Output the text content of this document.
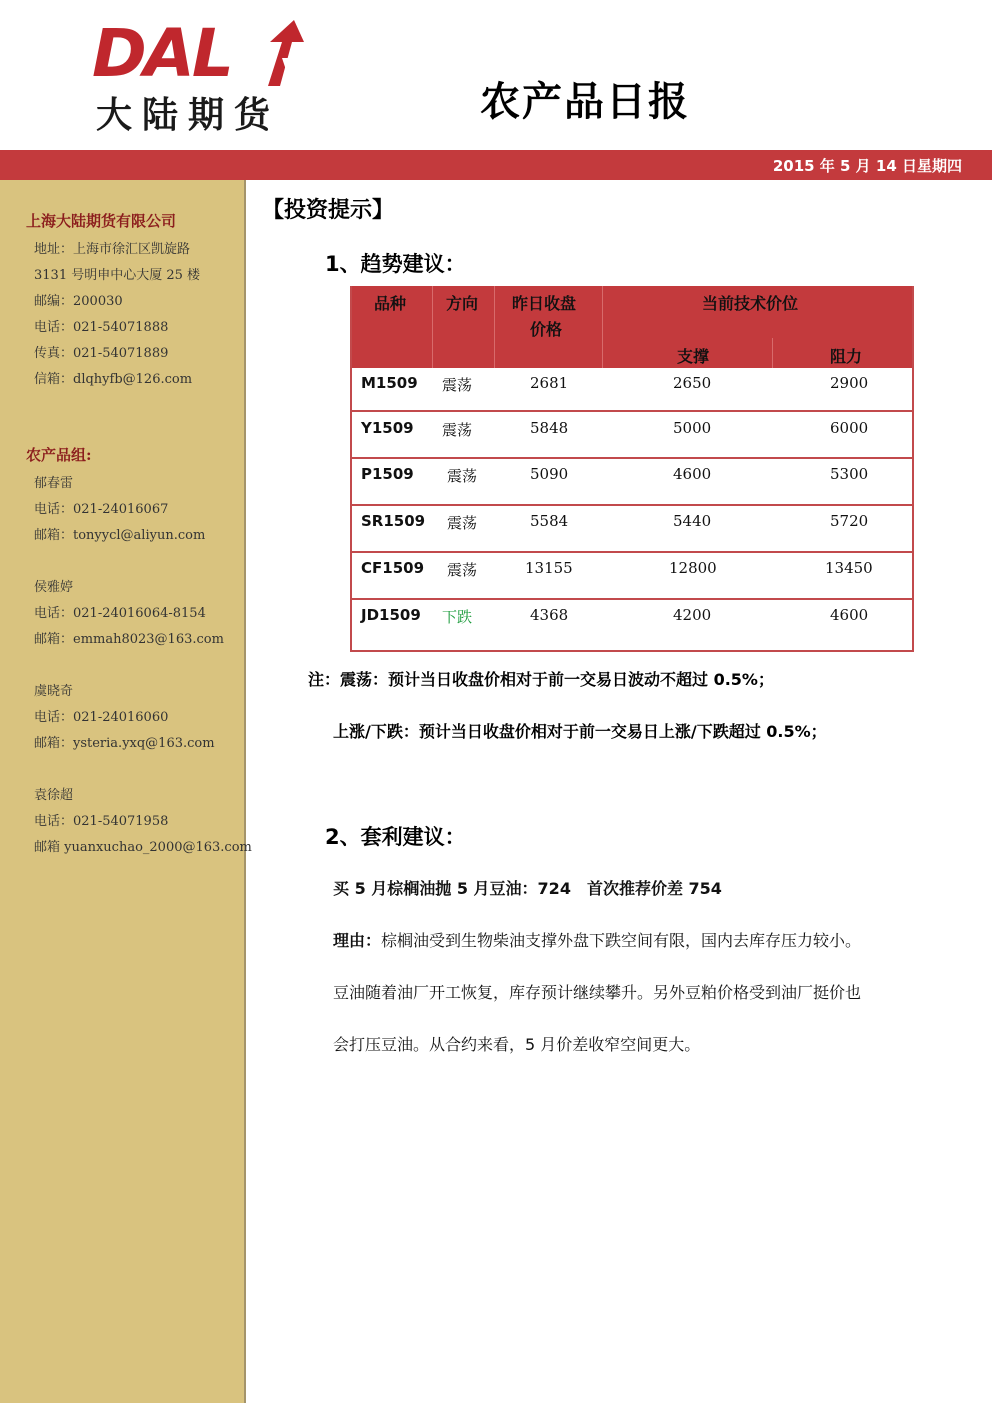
DAL
大陆期货	农产品日报
2015 年 5 月 14 日星期四
上海大陆期货有限公司
地址：上海市徐汇区凯旋路
3131 号明申中心大厦 25 楼
邮编：200030
电话：021-54071888
传真：021-54071889
信箱：dlqhyfb@126.com
农产品组:
郁春雷
电话：021-24016067
邮箱：tonyycl@aliyun.com
侯雅婷
电话：021-24016064-8154
邮箱：emmah8023@163.com
虞晓奇
电话：021-24016060
邮箱：ysteria.yxq@163.com
袁徐超
电话：021-54071958
邮箱 yuanxuchao_2000@163.com
【投资提示】
1、趋势建议：
品种 方向 昨日收盘
价格
当前技术价位
支撑	阻力
M1509 震荡	2681	2650	2900
Y1509 震荡	5848	5000	6000
P1509 震荡	5090	4600	5300
SR1509 震荡	5584	5440	5720
CF1509 震荡	13155	12800	13450
JD1509 下跌	4368	4200	4600
注：震荡：预计当日收盘价相对于前一交易日波动不超过 0.5%；
上涨/下跌：预计当日收盘价相对于前一交易日上涨/下跌超过 0.5%；
2、套利建议：
买 5 月棕榈油抛 5 月豆油：724　首次推荐价差 754
理由：棕榈油受到生物柴油支撑外盘下跌空间有限，国内去库存压力较小。
豆油随着油厂开工恢复，库存预计继续攀升。另外豆粕价格受到油厂挺价也
会打压豆油。从合约来看，5 月价差收窄空间更大。
